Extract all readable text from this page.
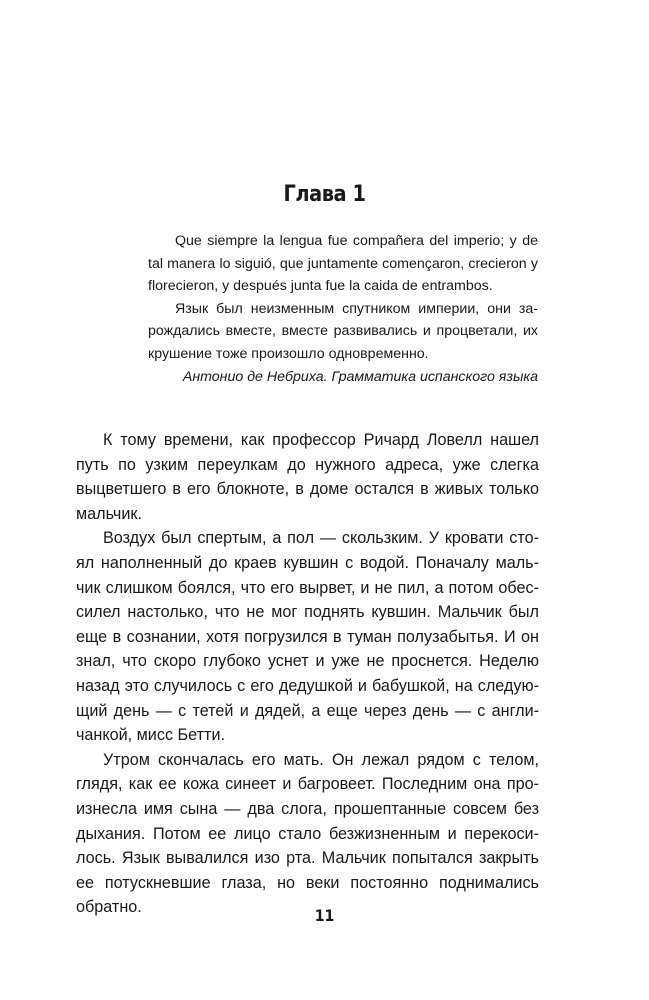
Глава 1

Que siempre la lengua fue compañera del imperio; y de tal manera lo siguió, que juntamente començaron, crecieron y florecieron, y después junta fue la caida de entrambos.

Язык был неизменным спутником империи, они зарождались вместе, вместе развивались и процветали, их крушение тоже произошло одновременно.

Антонио де Небриха. Грамматика испанского языка

К тому времени, как профессор Ричард Ловелл нашел путь по узким переулкам до нужного адреса, уже слегка выцветшего в его блокноте, в доме остался в живых только мальчик.

Воздух был спертым, а пол — скользким. У кровати стоял наполненный до краев кувшин с водой. Поначалу мальчик слишком боялся, что его вырвет, и не пил, а потом обессилел настолько, что не мог поднять кувшин. Мальчик был еще в сознании, хотя погрузился в туман полузабытья. И он знал, что скоро глубоко уснет и уже не проснется. Неделю назад это случилось с его дедушкой и бабушкой, на следующий день — с тетей и дядей, а еще через день — с англичанкой, мисс Бетти.

Утром скончалась его мать. Он лежал рядом с телом, глядя, как ее кожа синеет и багровеет. Последним она произнесла имя сына — два слога, прошептанные совсем без дыхания. Потом ее лицо стало безжизненным и перекосилось. Язык вывалился изо рта. Мальчик попытался закрыть ее потускневшие глаза, но веки постоянно поднимались обратно.	11
